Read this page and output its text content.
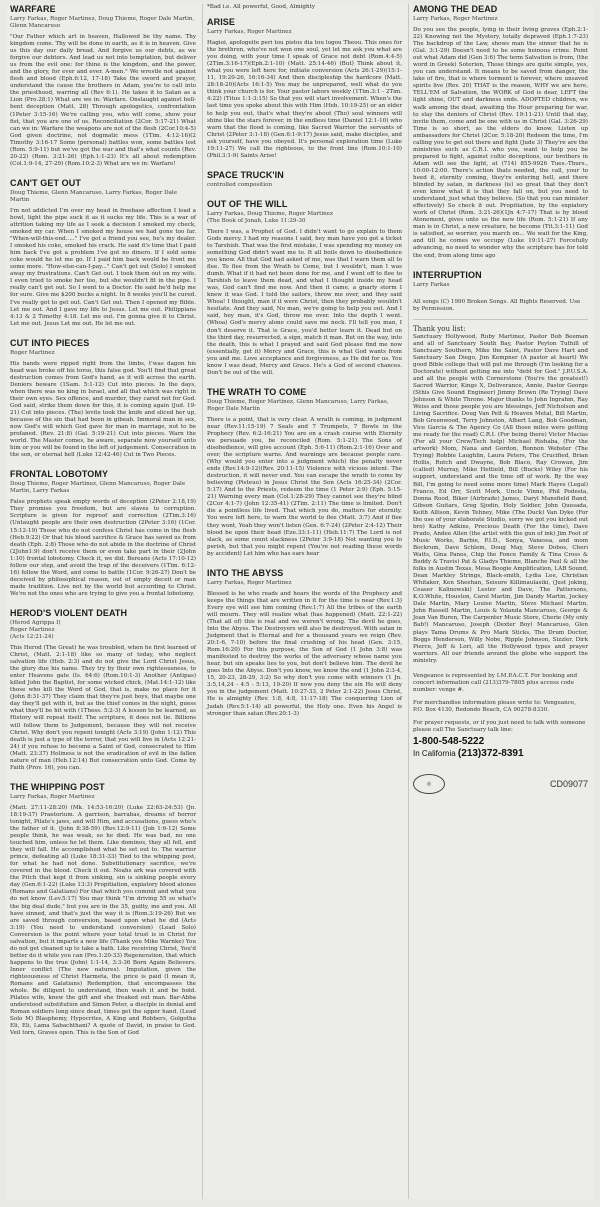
WARFARE
Larry Farkas, Roger Martinez, Doug Thieme, Roger Dale Martin, Glenn Mancaruso

"Our Father which art in heaven, Hallowed be thy name. Thy kingdom come. Thy will be done in earth, as it is in heaven. Give us this day our daily bread. And forgive us our debts, as we forgive our debtors. And lead us not into temptation, but deliver us from the evil one: for thine is the kingdom, and the power, and the glory, for ever and ever. A-men." We wrestle not against flesh and blood (Eph.6:12, 17-18) Take the sword and prayer, understand the cause the brothers in Adam, you're to call into the priesthood, warring all (Rev 6:1). He takes it to Satan as a Lion (Pro.28:1) What are we in: Warfare. Onslaught against hell-bent deception (Matt. 28) Through apologetics, confrontation (1Peter 3:15-16) We're calling you, who will come, show your fist, that you are one of us. Reconciliation (2Cor. 5:17-21) What can we in: Warfare the weapons are not of the flesh (2Cor.10:4-5) God given doctrine, not dogmatic mess (1Tim. 4:12-16)(2 Timothy 3:16-17 Some (personal) battles won, some battles lost (Rom. 5:9-11) but we've got the war and that's what counts (Rev. 20-22) (Rom. 3:21-26) (Eph.1:1-23) It's all about redemption (Col.1:9-14, 27-29) (Rom.10:2-3) What are we in: Warfare!

CAN'T GET OUT
Doug Thieme, Glenn Mancaruso, Larry Farkas, Roger Dale Martin

I'm not addicted I'm over my head in freebase affection I load a bowl, light the pipe suck it as it sucks my life. This is a war of attrition taking my life as I seek a decision I smoked my check, smoked my car. When I smoked my house we had gone too far. "When-will-this-end....." I've got a friend you see, he's my dealer. I smoked his coke, smoked his crack. He said it's time that I paid him back I've got a problem I've got no dinero. If I sold some coke would he let me go. If I paid him back would he front me some more. "How-else-can-I-pay..." Can't get out (Solo) I smoked away my frustrations. Can't Get out. I took them out on my wife. I even tried to smoke her too, but she wouldn't fit in the pipe. I really can't get out. So I went to a Doctor. He said he'd help me for sure. Give me $200 bucks a night. In 8 weeks you'll be cured. I've really got to get out. Can't Get out. Then I opened my Bible. Let me out. And I gave my life to Jesus. Let me out. Philippians 4:13 & 2 Timothy 4:18. Let me out. I'm gonna give it to Christ. Let me out. Jesus Let me out. He let me out.

CUT INTO PIECES
Roger Martinez

His hands were ripped right from the limbs, t'was dagon his head was broke off his torso, this false god. You'll find that great destruction comes from God's hand, as it will across the earth. Deniers beware (1Sam. 5:1-12) Cut into pieces. In the days, when there was no king in Israel, and all that which was right in their own eyes. Sex offence, and murder, they cared not for God. God said, strike them down for this, it is coming again (Jud. 19-21) Cut into pieces. (The) levite took the knife and sliced her up, because of the sin that had been in gibeah. Immoral man in sex, now God's will which God gave for man in marriage, not to be profaned. (Rev. 21:8) (Gal. 5:19-21) Cut into pieces. Warn the world. The Master comes, be aware, separate now yourself unto him or you will be found in the left of judgement. Consecration in the son, or eternal hell (Luke 12:42-46) Cut in Two Pieces.

FRONTAL LOBOTOMY
Doug Thieme, Roger Martinez, Glenn Mancaruso, Roger Dale Martin, Larry Farkas

False prophets speak empty words of deception (2Peter 2:18,19) They promise you freedom, but are slaves to corruption. Scripture is given for reproof and correction (2Tim.3:16) (Untaught people are their own destruction (2Peter 3:16) (1Cor. 15:12-19) Those who do not confess Christ has come in the flesh (Heb.9:22) Or that his blood sacrifice & Grace has saved us from death (Eph. 2:8) Those who do not abide in the doctrine of Christ (2John1:9) don't receive them or even take part in their (2John 1:10) frontal lobotomy. Check it, we did. Bereans (Acts 17:10-12) follow our step, and avoid the trap of the deceivers (1Tim. 6:12-16) follow the Word, and come to battle (1Cor. 9:26-27) Don't be deceived by philosophical reason, out of empty deceit or man made tradition. Live not by the world but according to Christ. We're not the ones who are trying to give you a frontal lobotomy.

HEROD'S VIOLENT DEATH
(Herod Agrippa I)
Roger Martinez
(Acts 12:21-24)

This Herod (The Great) he was troubled, when he first learned of Christ, (Matt. 2:1-18) like so many of today, who neglect salvation life (Heb. 2:3) and do not give the Lord Christ Jesus, the glory due his name. They try by their own righteousness, to enter Heavens gate (Is. 64:6) (Rom.10:1-3) Another (Antipas) killed John the Baptist, for some wicked chick, (Mat.14:1-12) like those who kill the Word of God, that is, make no place for it (John 8:31-37) They claim that they're just boys, that maybe one day they'll get with it, but as the thief comes in the night, guess what they'll be hit with (1Thess. 5:2-3) A lesson to be learned, as History will repeat itself. The scripture, it does not lie. Billions will follow them to Judgement, because they will not receive Christ. Why don't you repent tonight (Acts 3:19) (John 1:12) This death is just a type of the terror, that you will live in (Acts 12:21-24) if you refuse to become a Saint of God, consecrated to Him (Matt. 23:37) Holiness is not the eradication of evil in the fallen nature of man (Heb.12:14) But consecration unto God. Come by Faith (Prov. 16), you can.

THE WHIPPING POST
Larry Farkas, Roger Martinez

(Matt. 27:11-28:20) (Mk. 14:53-16:20) (Luke 22:63-24:53) (Jn. 18:19-37) Praetorium. A garrison, barrabas, dreams of horror tonight, Pilate's jaws, and will Him, and accusations, guess who's the father of it. (John 8:38-59) (Rev.12:9-11) (Job 1:6-12) Some people think, he was weak, so he died. He was bad, no one touched him, unless he let them. Like dominos, they all fell, and they will fall. He accomplished what he set out to. The warrior prince, defeating all (Luke 18:31-33) Tied to the whipping post, for what he had not done. Substitutionary sacrifice, we're covered in the blood. Check it out. Noahs ark was covered with the Pitch that kept it from sinking, sin is sinking people every day (Gen.6:1-22) (Luke 13:3) Propitiation, expiatory blood atones (Romans and Galatians) For that which you commit and what you do not know (Lev.5:17) You may think "I'm driving 55 so what's the big deal dude," but you are in the 35, guilty, me and you. All have sinned, and that's just the way it is (Rom.3:19-26) But we are saved through conversion, based upon what he did (Acts 3:19) (You need to understand conversion) (Lead Solo) Conversion is the point where your total trust is in Christ for salvation, but it imparts a new life (Thank you Mike Warnke) You do not get cleaned up to take a bath. Like receiving Christ, You'd better do it while you can (Pro.1:20-33) Regeneration, that which happens to the true (John) 1:1-14, 3:3-36 Born Again Believers. Inner conflict (The new natures). Imputation, given the righteousness of Christ Harmeta, the price is paid (I mean it, Romans and Galatians) Redemption, that encompasses the whole. Be diligent to understand, then wash it and be bold. Pilates wife, knew the gift and she freaked out man. Bar-Abba understood substitution and Simon Peter, a disciple in denial and Roman soldiers long since dead, times get the upper hand. (Lead Solo M) Blasphemy, Hypocrites, A King and Robbers, Golgotha Eli, Eli, Lama Sabachthani? A quote of David, in praise to God. Veil torn, Graves open. This is the Son of God

*Bad i.e. All powerful, Good, Almighty

ARISE
Larry Farkas, Roger Martinez

Hagioi, apologeite peri tou pistos dia tou logou Theou. This ones for the brethren, who've not won one soul, yet let me ask you what are you doing, with your time I speak of Grace not debt (Rom.4:4-5)(2Tim.3:16-17)(Eph.2:1-10) (Matt. 25:14-46) (But) Think about it, what you were left here for, initiate conversion (Acts 26:1-29)(15:1-11, 19:20-26, 16:16-34) And then discipleship the hardcore (Matt. 28:18-20)(Acts 16:1-5) You may be unprepared, well what do you think your church is for. Your pastor labors weekly (1Tim.3:1 - 2Tim. 4:22) (Titus 1:1-3:15) So that you will start involvement. When's the last time you spoke about this with Him (Heb. 10:19-25) or an elder to help you out, that's what they're about (Tho) soul winners will shine like the stars forever, in the endless time (Daniel 12:1-10) who warn that the flood is coming, like Sacred Warrior the servants of Christ (2Peter 3:1-18) (Gen.6:1-9:17) Jesus said, make disciples, and ask yourself, have you obeyed. It's personal exploration time (Luke 19:11-27) We call the righteous, to the front line (Rom.10:1-10) (Phil.3:1-9) Saints Arise!

SPACE TRUCK'IN
controlled composition
OUT OF THE WILL
Larry Farkas, Doug Thieme, Roger Martinez
(The Book of Jonah, Luke 11:29-30

There I was, a Prophet of God. I didn't want to go explain to them Gods mercy. I had my reasons I said, hey man have you got a ticket to Tarshish. That was the first mistake, I was spending my money on something God didn't want me to. It all boils down to disobedience you know. All that God had asked of me, was that I warn them all to flee. To flee from the Wrath to Come, but I wouldn't, man I was dumb. What if it had not been done for me, and I went off to flee to Tarshish to leave them dead, and what I thought inside my head was, God can't find me now. And then it came, a gnarly storm I knew it was God. I told the sailors, throw me over, and they said Whoa! I thought, man if it were Christ, then they probably wouldn't hesitate. And they said, No man, we're going to help you out. And I said, hey man, it's God, throw me over. Into the depth I went. (Whoa) God's mercy alone could save me neck. I'll tell you man, I don't deserve it. That is Grace, you'd better learn it. Dead but on the third day, resurrected, a sign, match it man. But on the way, into the death, this is what I prayed and said God please find me now (essentially, get it) Mercy and Grace, this is what God wants from you and me. Love acceptance and forgiveness, as He did for us. You know I was dead, Mercy and Grace. He's a God of second chances. Don't be out of the will.

THE WRATH TO COME
Doug Thieme, Roger Martinez, Glenn Mancaruso, Larry Farkas, Roger Dale Martin

There is a point, that is very clear. A wrath is coming, in judgment near (Rev.11:15-19) 7 Seals and 7 Trumpets, 7 Bowls in the Prophecy (Rev. 6:2-16:21) You are on a crash course with Eternity we persuade you, be reconciled (Rom. 5:1-21) The Sons of disobedience, will give account (Eph. 5:6-11) (Rom.2:1-16) Over and over, the scripture warns. And warnings are because people care. (Why would you enter into a judgment which) the penalty never ends (Rev.14:9-12)(Rev. 20:11-15) Violence with vicious intent. The destruction, it will never end. You can escape the wrath to come by believing (Pisteuo) in Jesus Christ the Son (Acts 16:25-34) (2Cor. 5:17) And to the Priests, redeem the time (1 Peter 2:9) (Eph. 5:15-21) Warning every man (Col.1:28-29) They cannot see they're blind (2Cor 4:1-7) (John 12:35-41) (2Tim. 2:11) The time is limited. Don't die a pointless life lived. That which you do, matters for eternity. You were left here, to warn the world to flee (Matt. 3:7) And if flee they wont, Yeah they won't listen (Gen. 6:7-24) (2Peter 2:4-12) Their blood be upon their head (Eze.33:1-11) (Heb.11:7) The Lord is not slack, as some count slackness (2Peter 3:9-18) Not wanting you to perish, but that you might repent (You're not reading these words by accident) Let him who has ears hear

INTO THE ABYSS
Larry Farkas, Roger Martinez

Blessed is he who reads and hears the words of the Prophecy and keeps the things that are written in it for the time is near (Rev.1:3) Every eye will see him coming (Rev.1:7) All the tribes of the earth will mourn. They will realize what (has happened) (Matt. 22:1-22) (That all of) this is real and we weren't wrong. The devil he goes, Into the Abyss. The Destroyers will also be destroyed. With satan in Judgment that is Eternal and for a thousand years we reign (Rev. 20:1-6, 7-10) before the final crushing of his head (Gen. 3:15, Rom.16:20) For this purpose, the Son of God (1 John 3:8) was manifested to destroy the works of the adversary whose name you hear, but sin speaks lies to you, but don't believe him. The devil he goes Into the Abyss. Don't you know, we know the end (1 John 2:3-4, 15, 20-23, 28-29, 3:2) So why don't you come with winners (1 Jn. 3:5,14,24 - 4:5 - 5:13, 19-20) If now you deny the sin He will deny you in the judgement (Matt. 10:27-33, 2 Peter 2:1-22) Jesus Christ, He is almighty (Rev. 1:8, 4:8, 11:17-18) The conquering Lion of Judah (Rev.5:1-14) all powerful, the Holy one. Even his Angel is stronger than satan (Rev.20:1-3)

AMONG THE DEAD
Larry Farkas, Roger Martinez

Do you see the people, lying in their living graves (Eph.2:1-22) Knowing not the Mystery, totally depraved (Eph.1:7-23) The backdrop of the Law, shows man the sinner that he is (Gal. 3:1-29) Doesn't need to be some heinous crime. Point out what Adam did (Gen 3:6) The term Salvation is from, (the word in Greek) Soterion, Those things are quite simple, yes, you can understand. It means to be saved from danger, the lake of fire, that is where torment is forever, where unsaved spirits live (Rev. 20) THAT is the reason, WHY we are here, TELL'EM of Salvation, the WORK of God is dear, LEFT the light shine, OUT and darkness ends. ADOPTED children, we walk among the dead, awaiting the Hour preparing for war, to slay the deniers of Christ (Rev. 19:11-21) Until that day, invite them, come and be one with us in Christ (Gal. 3:26-29) Time is so short, as the elders do know. Listen up ambassadors for Christ (2Cor. 5:18-20) Redeem the time, I'm calling you to get out there and fight (Jude 3) They're are the ministries such as C.R.I. who you, want to help you be prepared to fight, against cultic deceptions, our brothers in Adam will see the light, at (714) 855-9926 Tues.-Thurs., 10:00-12:00. There's action thats needed, the call, your to heed it, eternity coming, they're entering hell, and there blinded by satan, in darkness (is) so great that they don't even know what it is that they fall on, but you need to understand, just what they believe. (So that you can minister effectively) So check it out. Propitiation, by the expiatory work of Christ (Rom. 3:21-26)(1Jn 4:7-17) That is by blood Atonement, gives unto us the new life (Rom. 5:1-21) If any man is in Christ, a new creature, he become (Tit.3:1-11) God is satisfied, so worrier, you march on... We wait for the King, and till he comes we occupy (Luke 19:11-27) Forcefully advancing, no need to wonder why the scripture has for told the end, from along time ago

INTERRUPTION
Larry Farkas

All songs (C) 1990 Broken Songs. All Rights Reserved. Use by Permission.

Thank you list:

Sanctuary Hollywood, Ruby Martinez, Pastor Bob Beeman and all of Sanctuary South Bay, Pastor Peyton Tuthill of Sanctuary Southern, Mike the Saint, Pastor Dave Hart and Sanctuary San Diego, Jim Kempner (A pastor at heart) We good Bible college that will put me through (I'm looking for a Doctorate) without getting me into "debt for God." J.P.U.S.A. and all the people with Cornerstone (You're the greatest!) Sacred Warrior, Kings X, Deliverance, Annie, Pastor George (Sthis Give Sound Engineer) Jimmy Brown (Re Trying) Dave Johnson & White Throne. Major thanks to John Ingrahm, Ray Weiss and those people you are blessings, Jeff Nicholson and Living Sacrifice. Doug Van Pelt & Heaven Metal, Bill Martin, Bob Greenwood, Terry Johnston, Albert Lang, Bob Goodman, Vice Garcia & The Agency Co (All those miles were getting me ready for the road) C.R.I. (For being there) Victor Macias (For all your Crew/Tech help) Michael Rishaba, (For the artwork) Mom, Nana and Gordon, Ronnon Webster (The Trying) Robbie Laughlin, Laura Peters, The Crucified, Brian Hollis, Rutch and Dwayne, Bob Blaco, Ray Crowan, Jim (called) Murray, Mike Hettield, Bill (Bucks) Wiley (For his support, understand and the time off of work. By the way Bill, I'm going to need some more time) Mark Hayes (Legal) Franco, Ed Orr, Scott Mork, Uncle Vinne, Phil Podesta, Donna Rood, Biker (Airbrade) James, Daryl Mansfield Band, Gibson Guitars, Greg Sjodin, Holy Soldier, John Quesada, Keith Allison, Kevin Tehney, Mike (The Duck) Van Dyke (For the use of your elaborate Studio, sorry we got you kicked out bro) Kathy Adkins, Precious Death (For the time), Dave Prado, Andee Allen (the artist with the gun of ink) Jim Foot of Music Works, Barbie, P.I.D., Sonya, Vanessa, and mom Bockrum, Dave Schlem, Doug May, Steve Dobos, Cheri Watts, Gina Panos, Chip the Fonce Family & Tina Cross & Buddy & Travis) Pat & Gladys Thieme, Blanche Paul & all the folks in Austin Texas, Mesa Boogie Amplification, LAB Sound, Dean Markley Strings, Black-smith, Lydia Lee, Christian Whitaker, Ken Sheehan, Seisure Killimaulasiki, (Just joking, Ceaser Kalinowski) Lester and Dave, The Pattersons, K.O.White, Houston, Carol Martin, Jim Dandy Martin, Jockey Dale Martin, Mary Louise Martin, Steve Michael Martin, John Russell Martin, Louis & Yolanda Mancaruso, George & Joan Van Buren, The Carpenter Music Store, Cherie (My only Bab!) Mancaruso, Joseph (Dexter Boy) Mancaruso, Glen plays Tama Drums & Pro Mark Sticks, The Drum Doctor, Boggs Henderson, Willy Nobe, Ripple Johnson, Sizzler, Dirk Pierce, Jeff & Lori, all the Hollywood types and prayer warriors. All our friends around the globe who support the ministry.

Vengeance is represented by I.M.P.A.C.T. For booking and concert information call (213)379-7805 plus access code number: venge #.

For merchandise information please write to: Vengeance, P.O. Box 4130, Redondo Beach, CA 90278-8330.

For prayer requests, or if you just need to talk with someone please call The Sanctuary talk line:

1-800-548-5222

In California (213)372-8391

◎	CD09077
